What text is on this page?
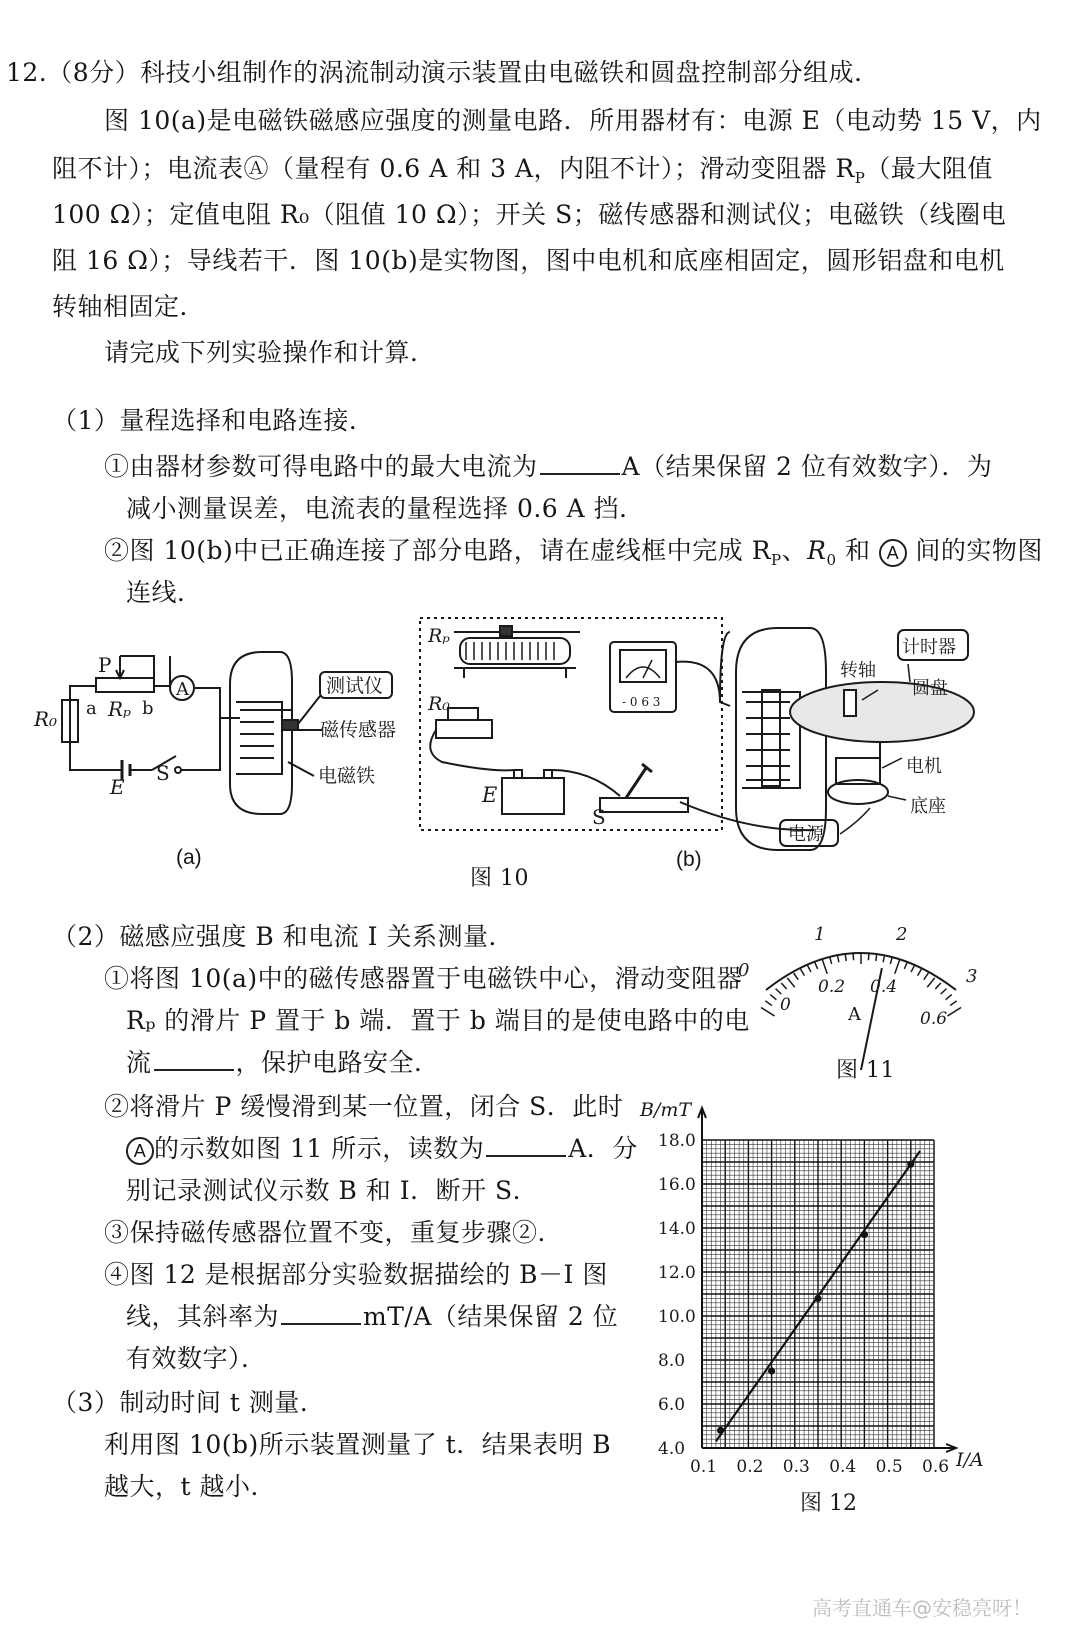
12.（8分）科技小组制作的涡流制动演示装置由电磁铁和圆盘控制部分组成．
图 10(a)是电磁铁磁感应强度的测量电路．所用器材有：电源 E（电动势 15 V，内
阻不计）；电流表Ⓐ（量程有 0.6 A 和 3 A，内阻不计）；滑动变阻器 $R_P$（最大阻值
100 Ω）；定值电阻 R₀（阻值 10 Ω）；开关 S；磁传感器和测试仪；电磁铁（线圈电
阻 16 Ω）；导线若干．图 10(b)是实物图，图中电机和底座相固定，圆形铝盘和电机
转轴相固定．
请完成下列实验操作和计算．
（1）量程选择和电路连接．
①由器材参数可得电路中的最大电流为	A（结果保留 2 位有效数字）．为
减小测量误差，电流表的量程选择 0.6 A 挡．
②图 10(b)中已正确连接了部分电路，请在虚线框中完成 $R_P$、$R_0$ 和 A 间的实物图
连线．
P
a Rₚ b
R₀
A
E
S
测试仪
磁传感器
电磁铁
Rₚ
R₀
E
S
- 0 6 3
计时器
转轴
圆盘
电机
底座
电源
(a)	(b)
图 10
（2）磁感应强度 B 和电流 I 关系测量．
①将图 10(a)中的磁传感器置于电磁铁中心，滑动变阻器
Rₚ 的滑片 P 置于 b 端．置于 b 端目的是使电路中的电
流	，保护电路安全．
②将滑片 P 缓慢滑到某一位置，闭合 S．此时
A 的示数如图 11 所示，读数为	A．分
别记录测试仪示数 B 和 I．断开 S．
③保持磁传感器位置不变，重复步骤②．
④图 12 是根据部分实验数据描绘的 B－I 图
线，其斜率为	mT/A（结果保留 2 位
有效数字）．
（3）制动时间 t 测量．
利用图 10(b)所示装置测量了 t．结果表明 B
越大，t 越小．
0
1	2
3
0
0.2 0.4
0.6
A
图 11
0.1 0.2 0.3 0.4 0.5 0.6
4.0
6.0
8.0
10.0
12.0
14.0
16.0
18.0
B/mT
I/A
图 12
高考直通车@安稳亮呀！
